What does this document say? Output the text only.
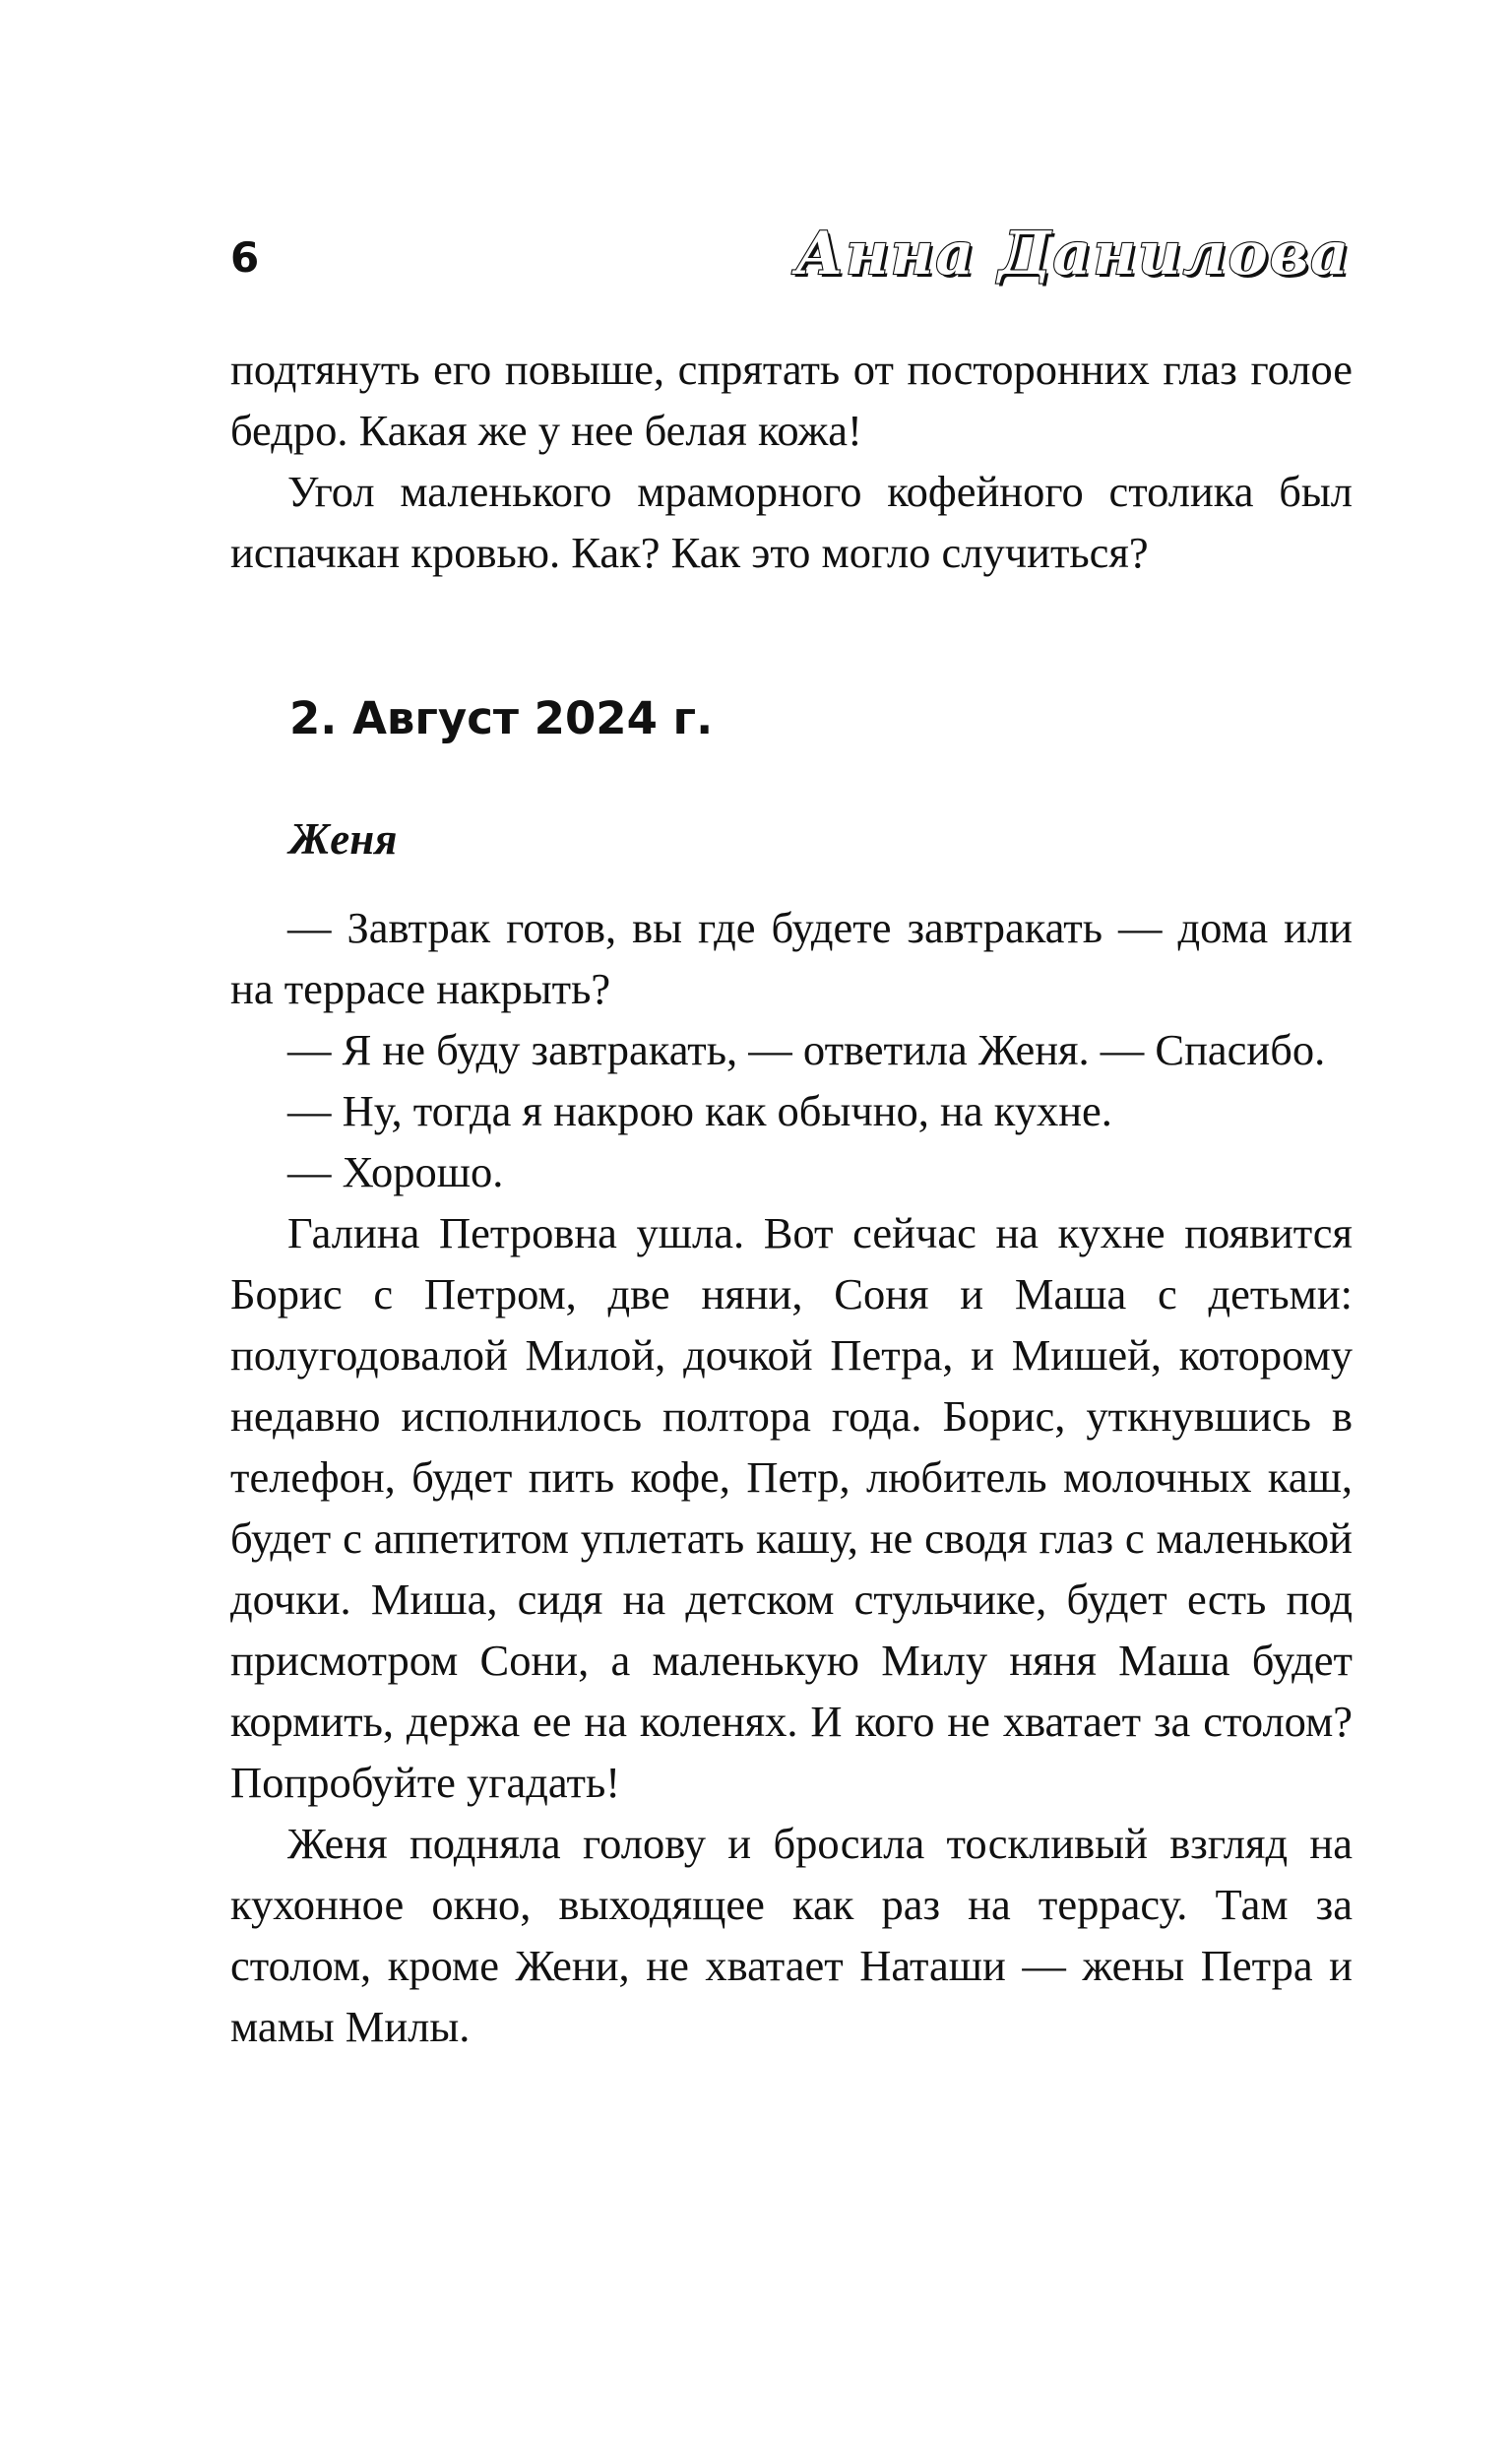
6	Анна Данилова

подтянуть его повыше, спрятать от посторонних глаз голое бедро. Какая же у нее белая кожа!

Угол маленького мраморного кофейного столика был испачкан кровью. Как? Как это могло случиться?

2. Август 2024 г.
Женя

— Завтрак готов, вы где будете завтракать — дома или на террасе накрыть?

— Я не буду завтракать, — ответила Женя. — Спасибо.

— Ну, тогда я накрою как обычно, на кухне.

— Хорошо.

Галина Петровна ушла. Вот сейчас на кухне появится Борис с Петром, две няни, Соня и Маша с детьми: полугодовалой Милой, дочкой Петра, и Мишей, которому недавно исполнилось полтора года. Борис, уткнувшись в телефон, будет пить кофе, Петр, любитель молочных каш, будет с аппетитом уплетать кашу, не сводя глаз с маленькой дочки. Миша, сидя на детском стульчике, будет есть под присмотром Сони, а маленькую Милу няня Маша будет кормить, держа ее на коленях. И кого не хватает за столом? Попробуйте угадать!

Женя подняла голову и бросила тоскливый взгляд на кухонное окно, выходящее как раз на террасу. Там за столом, кроме Жени, не хватает Наташи — жены Петра и мамы Милы.
